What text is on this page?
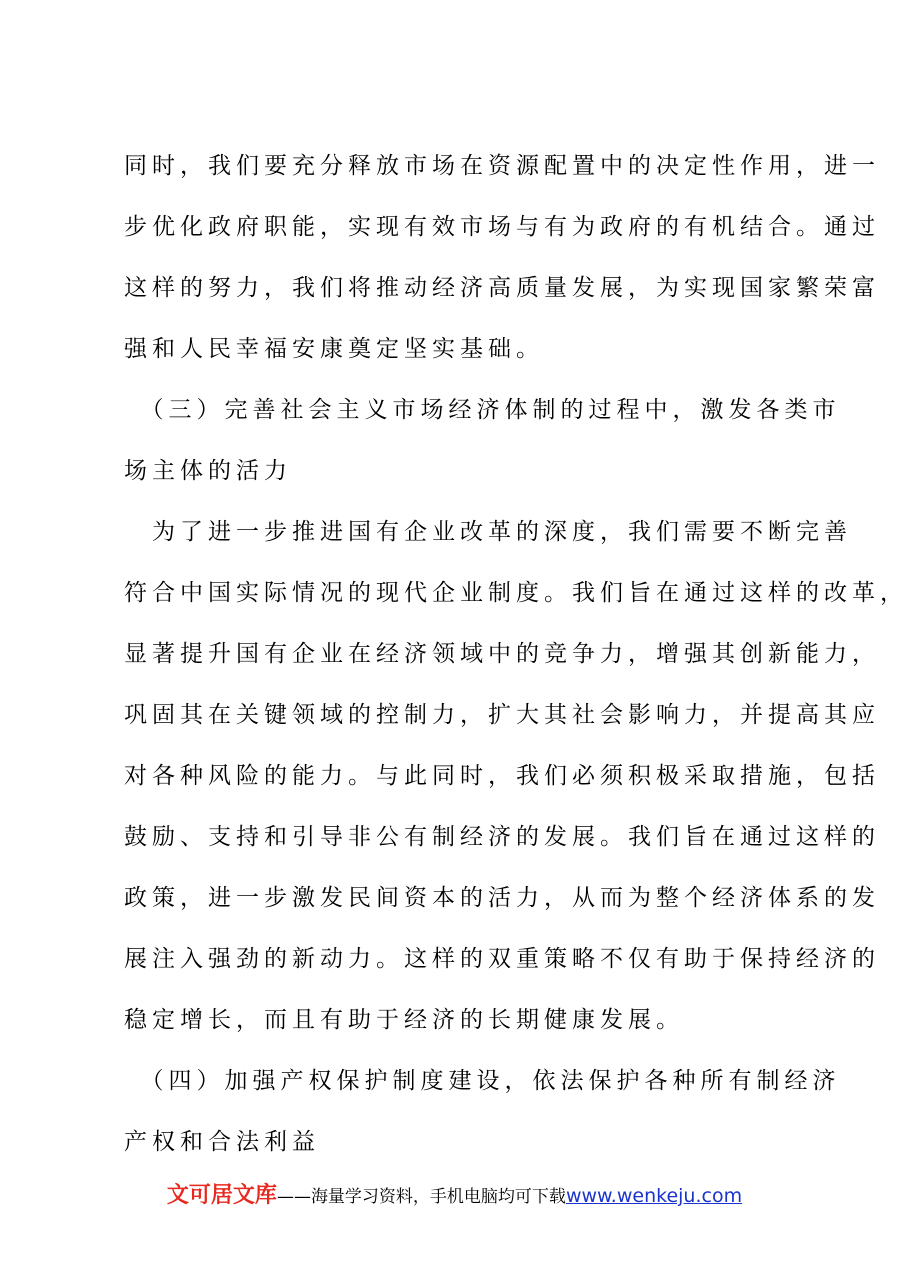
同时，我们要充分释放市场在资源配置中的决定性作用，进一
步优化政府职能，实现有效市场与有为政府的有机结合。通过
这样的努力，我们将推动经济高质量发展，为实现国家繁荣富
强和人民幸福安康奠定坚实基础。
　（三）完善社会主义市场经济体制的过程中，激发各类市
场主体的活力
　为了进一步推进国有企业改革的深度，我们需要不断完善
符合中国实际情况的现代企业制度。我们旨在通过这样的改革，
显著提升国有企业在经济领域中的竞争力，增强其创新能力，
巩固其在关键领域的控制力，扩大其社会影响力，并提高其应
对各种风险的能力。与此同时，我们必须积极采取措施，包括
鼓励、支持和引导非公有制经济的发展。我们旨在通过这样的
政策，进一步激发民间资本的活力，从而为整个经济体系的发
展注入强劲的新动力。这样的双重策略不仅有助于保持经济的
稳定增长，而且有助于经济的长期健康发展。
　（四）加强产权保护制度建设，依法保护各种所有制经济
产权和合法利益
文可居文库——海量学习资料，手机电脑均可下载www.wenkeju.com
